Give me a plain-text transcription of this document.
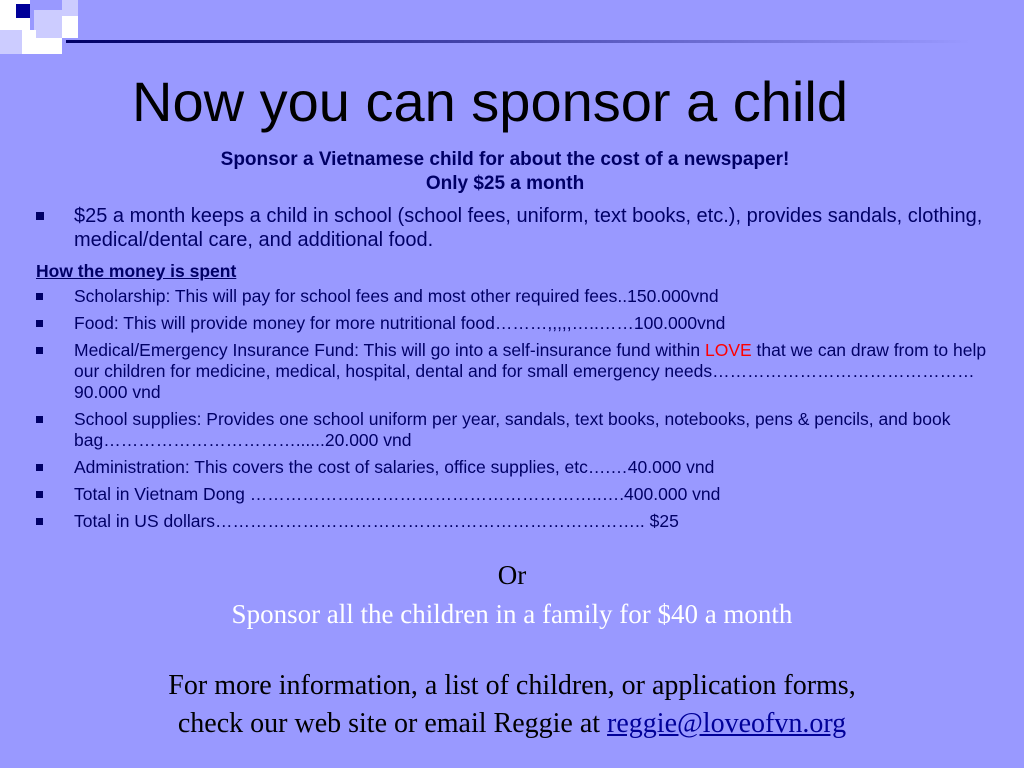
Now you can sponsor a child
Sponsor a Vietnamese child for about the cost of a newspaper!
Only $25 a month
$25 a month keeps a child in school (school fees, uniform, text books, etc.), provides sandals, clothing, medical/dental care, and additional food.
How the money is spent
Scholarship: This will pay for school fees and most other required fees..150.000vnd
Food: This will provide money for more nutritional food………,,,,,…..……100.000vnd
Medical/Emergency Insurance Fund: This will go into a self-insurance fund within LOVE that we can draw from to help our children for medicine, medical, hospital, dental and for small emergency needs………………………………………90.000 vnd
School supplies: Provides one school uniform per year, sandals, text books, notebooks, pens & pencils, and book bag……………………………......20.000 vnd
Administration: This covers the cost of salaries, office supplies, etc….…40.000 vnd
Total in Vietnam Dong ………………..…………………………………..….400.000 vnd
Total in US dollars……………………………………………………………….. $25
Or
Sponsor all the children in a family for $40 a month
For more information, a list of children, or application forms,
check our web site or email Reggie at reggie@loveofvn.org
